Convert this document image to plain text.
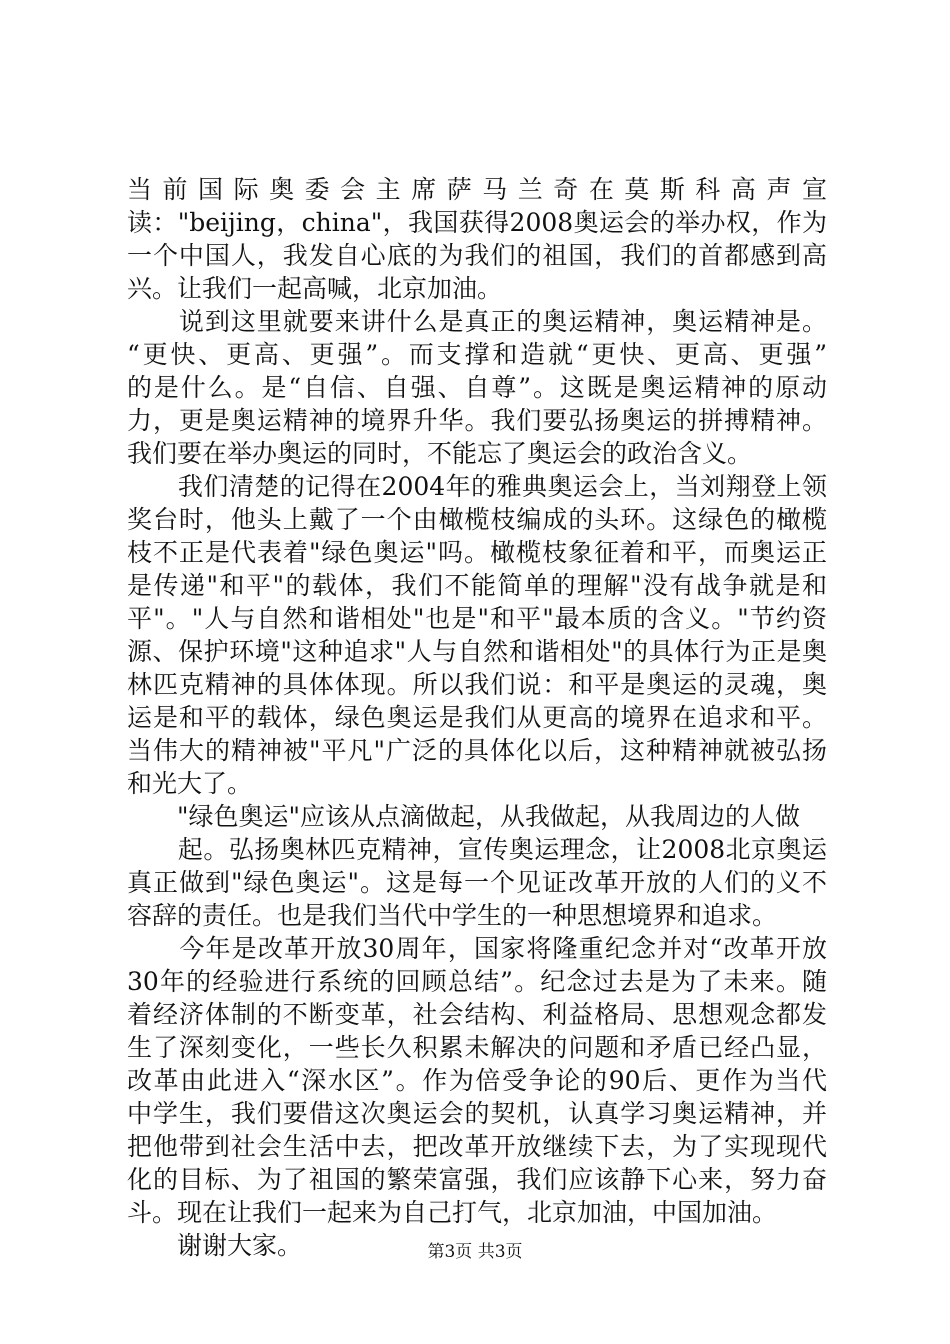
当前国际奥委会主席萨马兰奇在莫斯科高声宣
读："beijing，china"，我国获得2008奥运会的举办权，作为
一个中国人，我发自心底的为我们的祖国，我们的首都感到高
兴。让我们一起高喊，北京加油。
　　说到这里就要来讲什么是真正的奥运精神，奥运精神是。
“更快、更高、更强”。而支撑和造就“更快、更高、更强”
的是什么。是“自信、自强、自尊”。这既是奥运精神的原动
力，更是奥运精神的境界升华。我们要弘扬奥运的拼搏精神。
我们要在举办奥运的同时，不能忘了奥运会的政治含义。
　　我们清楚的记得在2004年的雅典奥运会上，当刘翔登上领
奖台时，他头上戴了一个由橄榄枝编成的头环。这绿色的橄榄
枝不正是代表着"绿色奥运"吗。橄榄枝象征着和平，而奥运正
是传递"和平"的载体，我们不能简单的理解"没有战争就是和
平"。"人与自然和谐相处"也是"和平"最本质的含义。"节约资
源、保护环境"这种追求"人与自然和谐相处"的具体行为正是奥
林匹克精神的具体体现。所以我们说：和平是奥运的灵魂，奥
运是和平的载体，绿色奥运是我们从更高的境界在追求和平。
当伟大的精神被"平凡"广泛的具体化以后，这种精神就被弘扬
和光大了。
　　"绿色奥运"应该从点滴做起，从我做起，从我周边的人做
　　起。弘扬奥林匹克精神，宣传奥运理念，让2008北京奥运
真正做到"绿色奥运"。这是每一个见证改革开放的人们的义不
容辞的责任。也是我们当代中学生的一种思想境界和追求。
　　今年是改革开放30周年，国家将隆重纪念并对“改革开放
30年的经验进行系统的回顾总结”。纪念过去是为了未来。随
着经济体制的不断变革，社会结构、利益格局、思想观念都发
生了深刻变化，一些长久积累未解决的问题和矛盾已经凸显，
改革由此进入“深水区”。作为倍受争论的90后、更作为当代
中学生，我们要借这次奥运会的契机，认真学习奥运精神，并
把他带到社会生活中去，把改革开放继续下去，为了实现现代
化的目标、为了祖国的繁荣富强，我们应该静下心来，努力奋
斗。现在让我们一起来为自己打气，北京加油，中国加油。
　　谢谢大家。	第3页 共3页
